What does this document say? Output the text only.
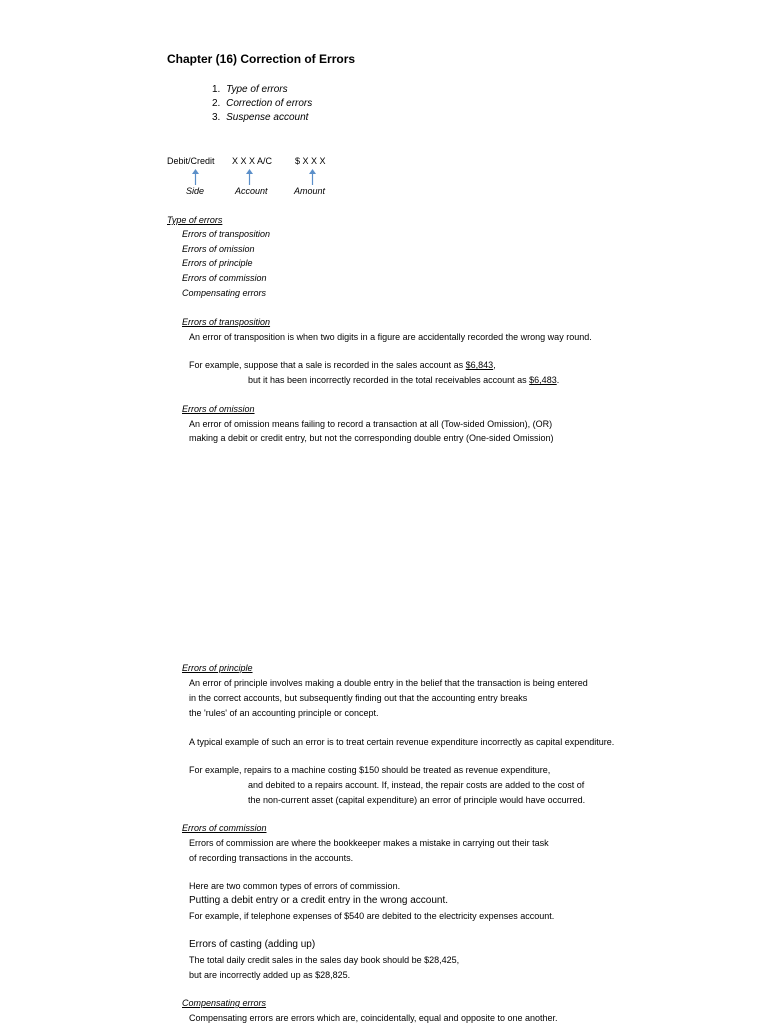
Chapter (16) Correction of Errors
1. Type of errors
2. Correction of errors
3. Suspense account
Debit/Credit X X X A/C	$ X X X
Side	Account	Amount
Type of errors
Errors of transposition
Errors of omission
Errors of principle
Errors of commission
Compensating errors
Errors of transposition
An error of transposition is when two digits in a figure are accidentally recorded the wrong way round.
For example, suppose that a sale is recorded in the sales account as $6,843,
but it has been incorrectly recorded in the total receivables account as $6,483.
Errors of omission
An error of omission means failing to record a transaction at all (Tow-sided Omission), (OR)
making a debit or credit entry, but not the corresponding double entry (One-sided Omission)
Errors of principle
An error of principle involves making a double entry in the belief that the transaction is being entered
in the correct accounts, but subsequently finding out that the accounting entry breaks
the 'rules' of an accounting principle or concept.
A typical example of such an error is to treat certain revenue expenditure incorrectly as capital expenditure.
For example, repairs to a machine costing $150 should be treated as revenue expenditure,
and debited to a repairs account. If, instead, the repair costs are added to the cost of
the non-current asset (capital expenditure) an error of principle would have occurred.
Errors of commission
Errors of commission are where the bookkeeper makes a mistake in carrying out their task
of recording transactions in the accounts.
Here are two common types of errors of commission.
Putting a debit entry or a credit entry in the wrong account.
For example, if telephone expenses of $540 are debited to the electricity expenses account.
Errors of casting (adding up)
The total daily credit sales in the sales day book should be $28,425,
but are incorrectly added up as $28,825.
Compensating errors
Compensating errors are errors which are, coincidentally, equal and opposite to one another.
